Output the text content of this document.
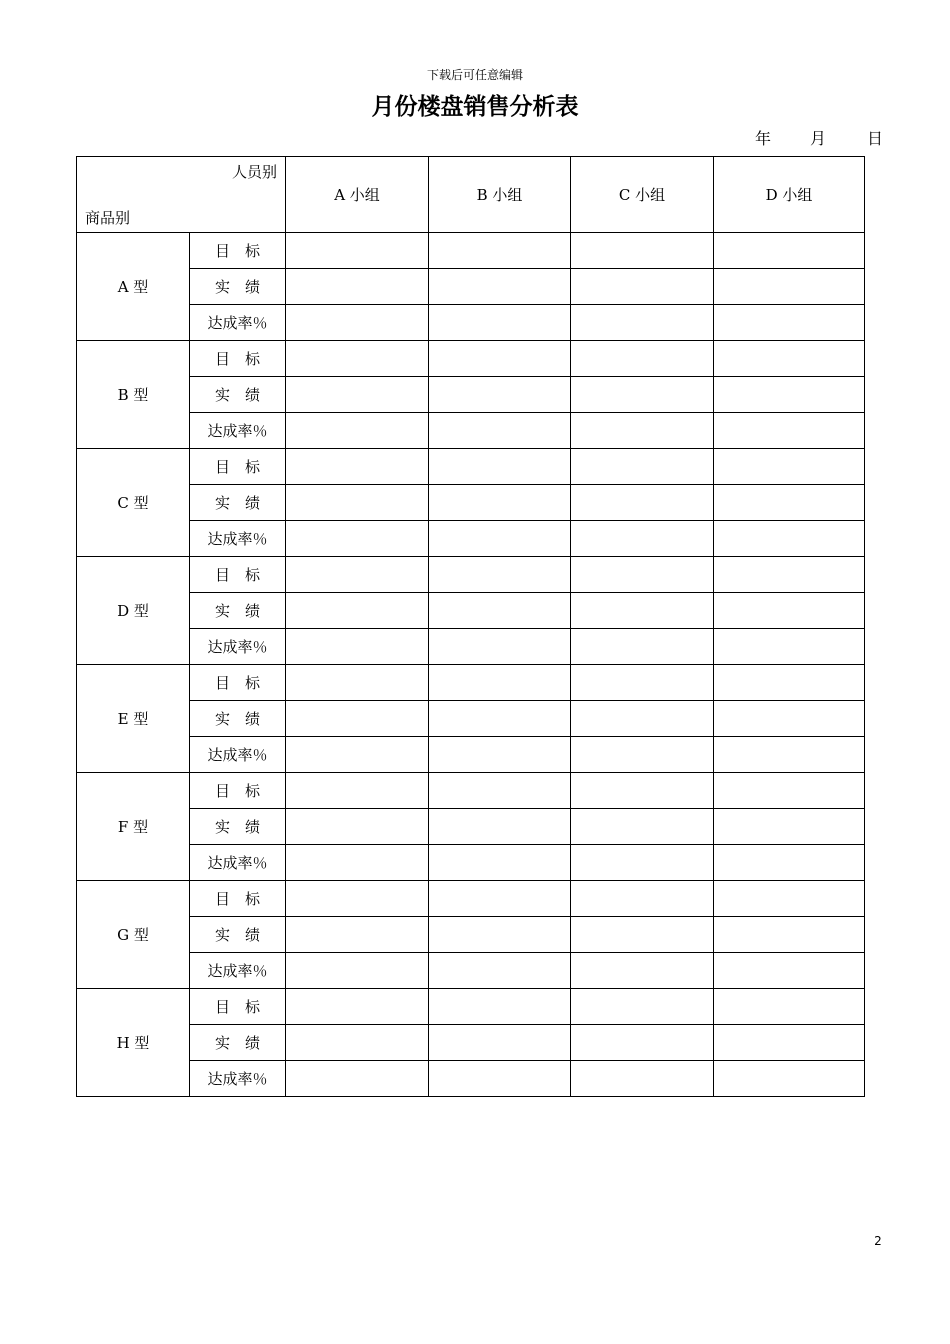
下载后可任意编辑
月份楼盘销售分析表
年 月	日
人员别
商品别		A 小组	B 小组	C 小组	D 小组
A 型	目　标				
	实　绩				
	达成率％				
B 型	目　标				
	实　绩				
	达成率％				
C 型	目　标				
	实　绩				
	达成率％				
D 型	目　标				
	实　绩				
	达成率％				
E 型	目　标				
	实　绩				
	达成率％				
F 型	目　标				
	实　绩				
	达成率％				
G 型	目　标				
	实　绩				
	达成率％				
H 型	目　标				
	实　绩				
	达成率％				
2
